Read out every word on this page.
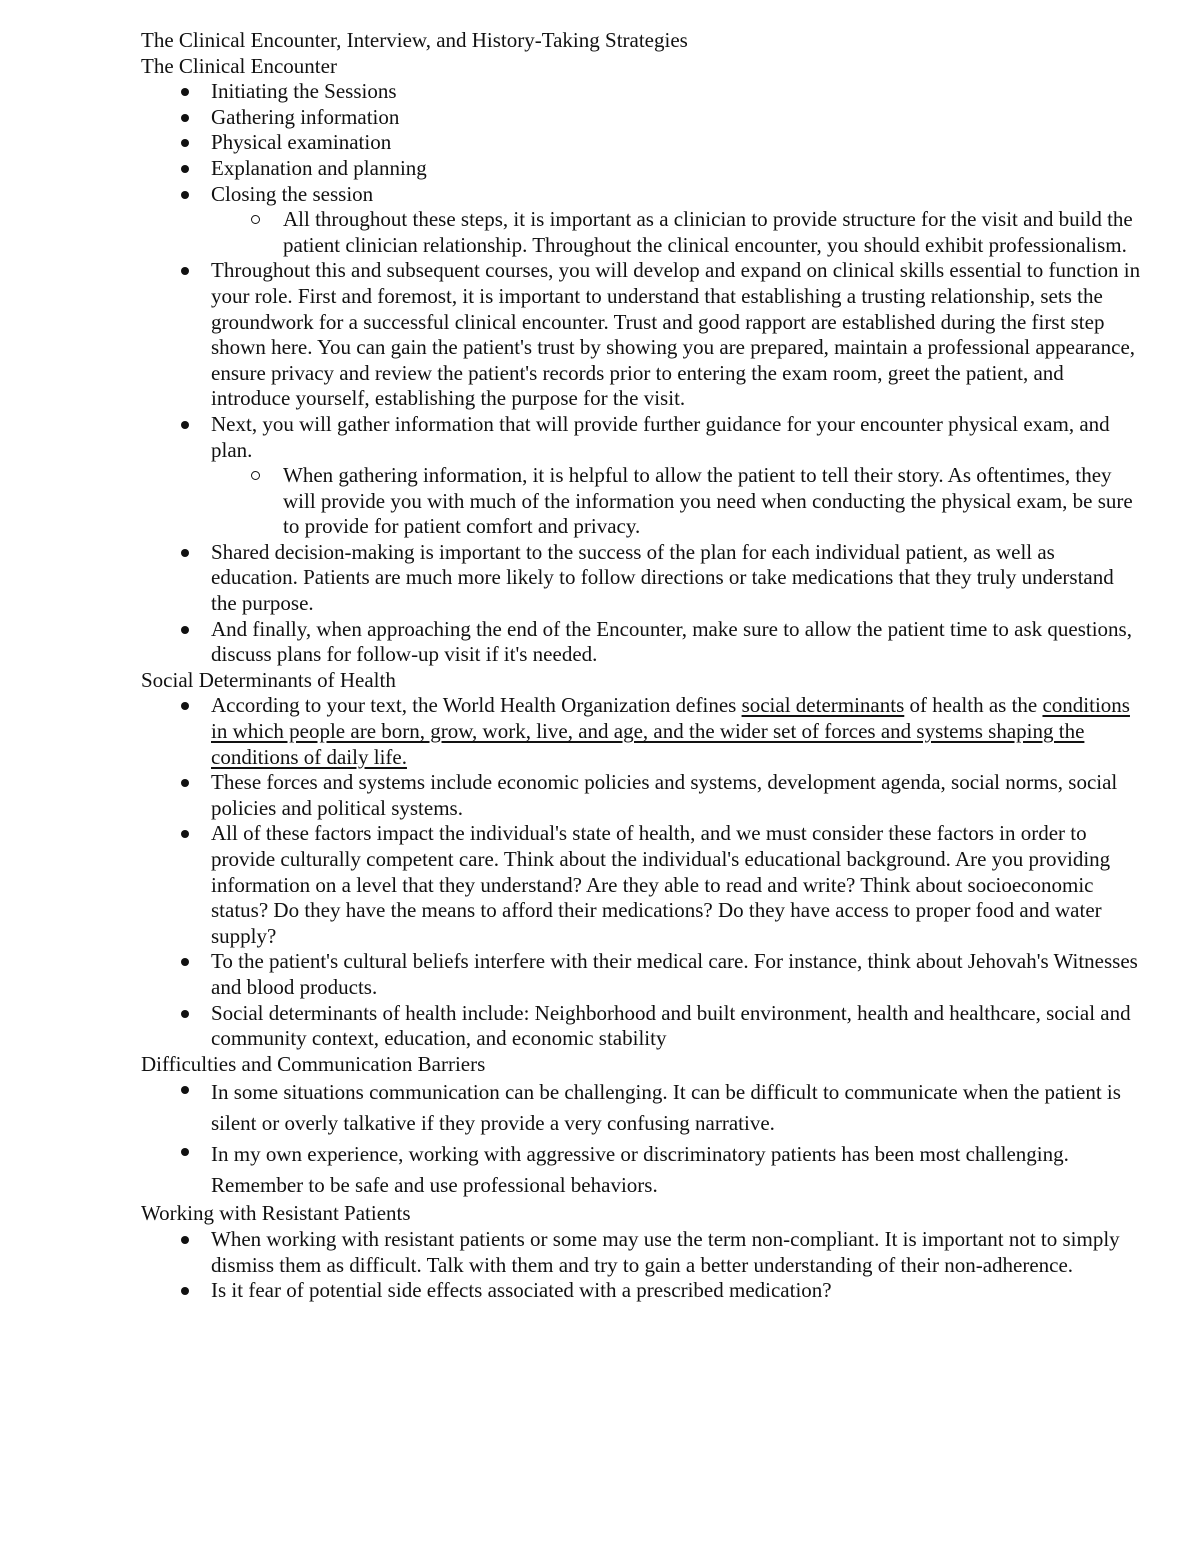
The Clinical Encounter, Interview, and History-Taking Strategies
The Clinical Encounter
Initiating the Sessions
Gathering information
Physical examination
Explanation and planning
Closing the session
All throughout these steps, it is important as a clinician to provide structure for the visit and build the patient clinician relationship. Throughout the clinical encounter, you should exhibit professionalism.
Throughout this and subsequent courses, you will develop and expand on clinical skills essential to function in your role. First and foremost, it is important to understand that establishing a trusting relationship, sets the groundwork for a successful clinical encounter. Trust and good rapport are established during the first step shown here. You can gain the patient's trust by showing you are prepared, maintain a professional appearance, ensure privacy and review the patient's records prior to entering the exam room, greet the patient, and introduce yourself, establishing the purpose for the visit.
Next, you will gather information that will provide further guidance for your encounter physical exam, and plan.
When gathering information, it is helpful to allow the patient to tell their story. As oftentimes, they will provide you with much of the information you need when conducting the physical exam, be sure to provide for patient comfort and privacy.
Shared decision-making is important to the success of the plan for each individual patient, as well as education. Patients are much more likely to follow directions or take medications that they truly understand the purpose.
And finally, when approaching the end of the Encounter, make sure to allow the patient time to ask questions, discuss plans for follow-up visit if it's needed.
Social Determinants of Health
According to your text, the World Health Organization defines social determinants of health as the conditions in which people are born, grow, work, live, and age, and the wider set of forces and systems shaping the conditions of daily life.
These forces and systems include economic policies and systems, development agenda, social norms, social policies and political systems.
All of these factors impact the individual's state of health, and we must consider these factors in order to provide culturally competent care. Think about the individual's educational background. Are you providing information on a level that they understand? Are they able to read and write? Think about socioeconomic status? Do they have the means to afford their medications? Do they have access to proper food and water supply?
To the patient's cultural beliefs interfere with their medical care. For instance, think about Jehovah's Witnesses and blood products.
Social determinants of health include: Neighborhood and built environment, health and healthcare, social and community context, education, and economic stability
Difficulties and Communication Barriers
In some situations communication can be challenging. It can be difficult to communicate when the patient is silent or overly talkative if they provide a very confusing narrative.
In my own experience, working with aggressive or discriminatory patients has been most challenging. Remember to be safe and use professional behaviors.
Working with Resistant Patients
When working with resistant patients or some may use the term non-compliant. It is important not to simply dismiss them as difficult. Talk with them and try to gain a better understanding of their non-adherence.
Is it fear of potential side effects associated with a prescribed medication?
